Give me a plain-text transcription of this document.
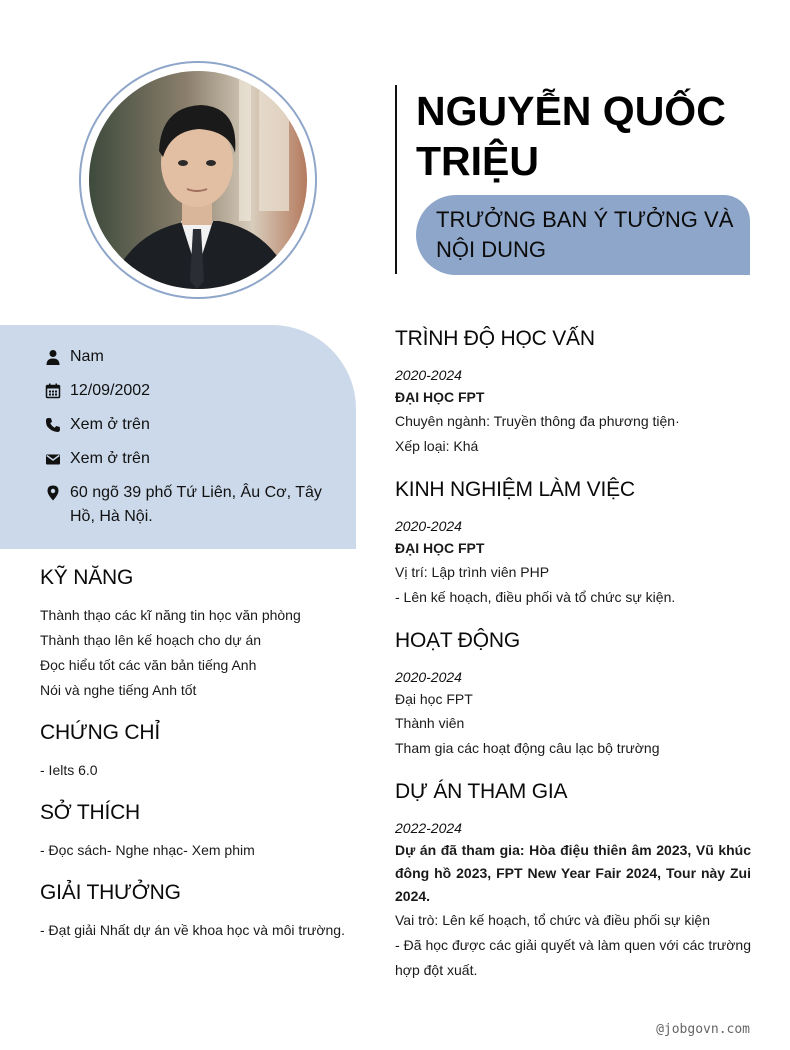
Nam
12/09/2002
Xem ở trên
Xem ở trên
60 ngõ 39 phố Tứ Liên, Âu Cơ, Tây Hồ, Hà Nội.
KỸ NĂNG
Thành thạo các kĩ năng tin học văn phòng
Thành thạo lên kế hoạch cho dự án
Đọc hiểu tốt các văn bản tiếng Anh
Nói và nghe tiếng Anh tốt
CHỨNG CHỈ
- Ielts 6.0
SỞ THÍCH
- Đọc sách- Nghe nhạc- Xem phim
GIẢI THƯỞNG
- Đạt giải Nhất dự án về khoa học và môi trường.
NGUYỄN QUỐC TRIỆU
TRƯỞNG BAN Ý TƯỞNG VÀ NỘI DUNG
TRÌNH ĐỘ HỌC VẤN
2020-2024
ĐẠI HỌC FPT
Chuyên ngành: Truyền thông đa phương tiện·
Xếp loại: Khá
KINH NGHIỆM LÀM VIỆC
2020-2024
ĐẠI HỌC FPT
Vị trí: Lập trình viên PHP
- Lên kế hoạch, điều phối và tổ chức sự kiện.
HOẠT ĐỘNG
2020-2024
Đại học FPT
Thành viên
Tham gia các hoạt động câu lạc bộ trường
DỰ ÁN THAM GIA
2022-2024
Dự án đã tham gia: Hòa điệu thiên âm 2023, Vũ khúc đông hồ 2023, FPT New Year Fair 2024, Tour này Zui 2024.
Vai trò: Lên kế hoạch, tổ chức và điều phối sự kiện
- Đã học được các giải quyết và làm quen với các trường hợp đột xuất.
@jobgovn.com
